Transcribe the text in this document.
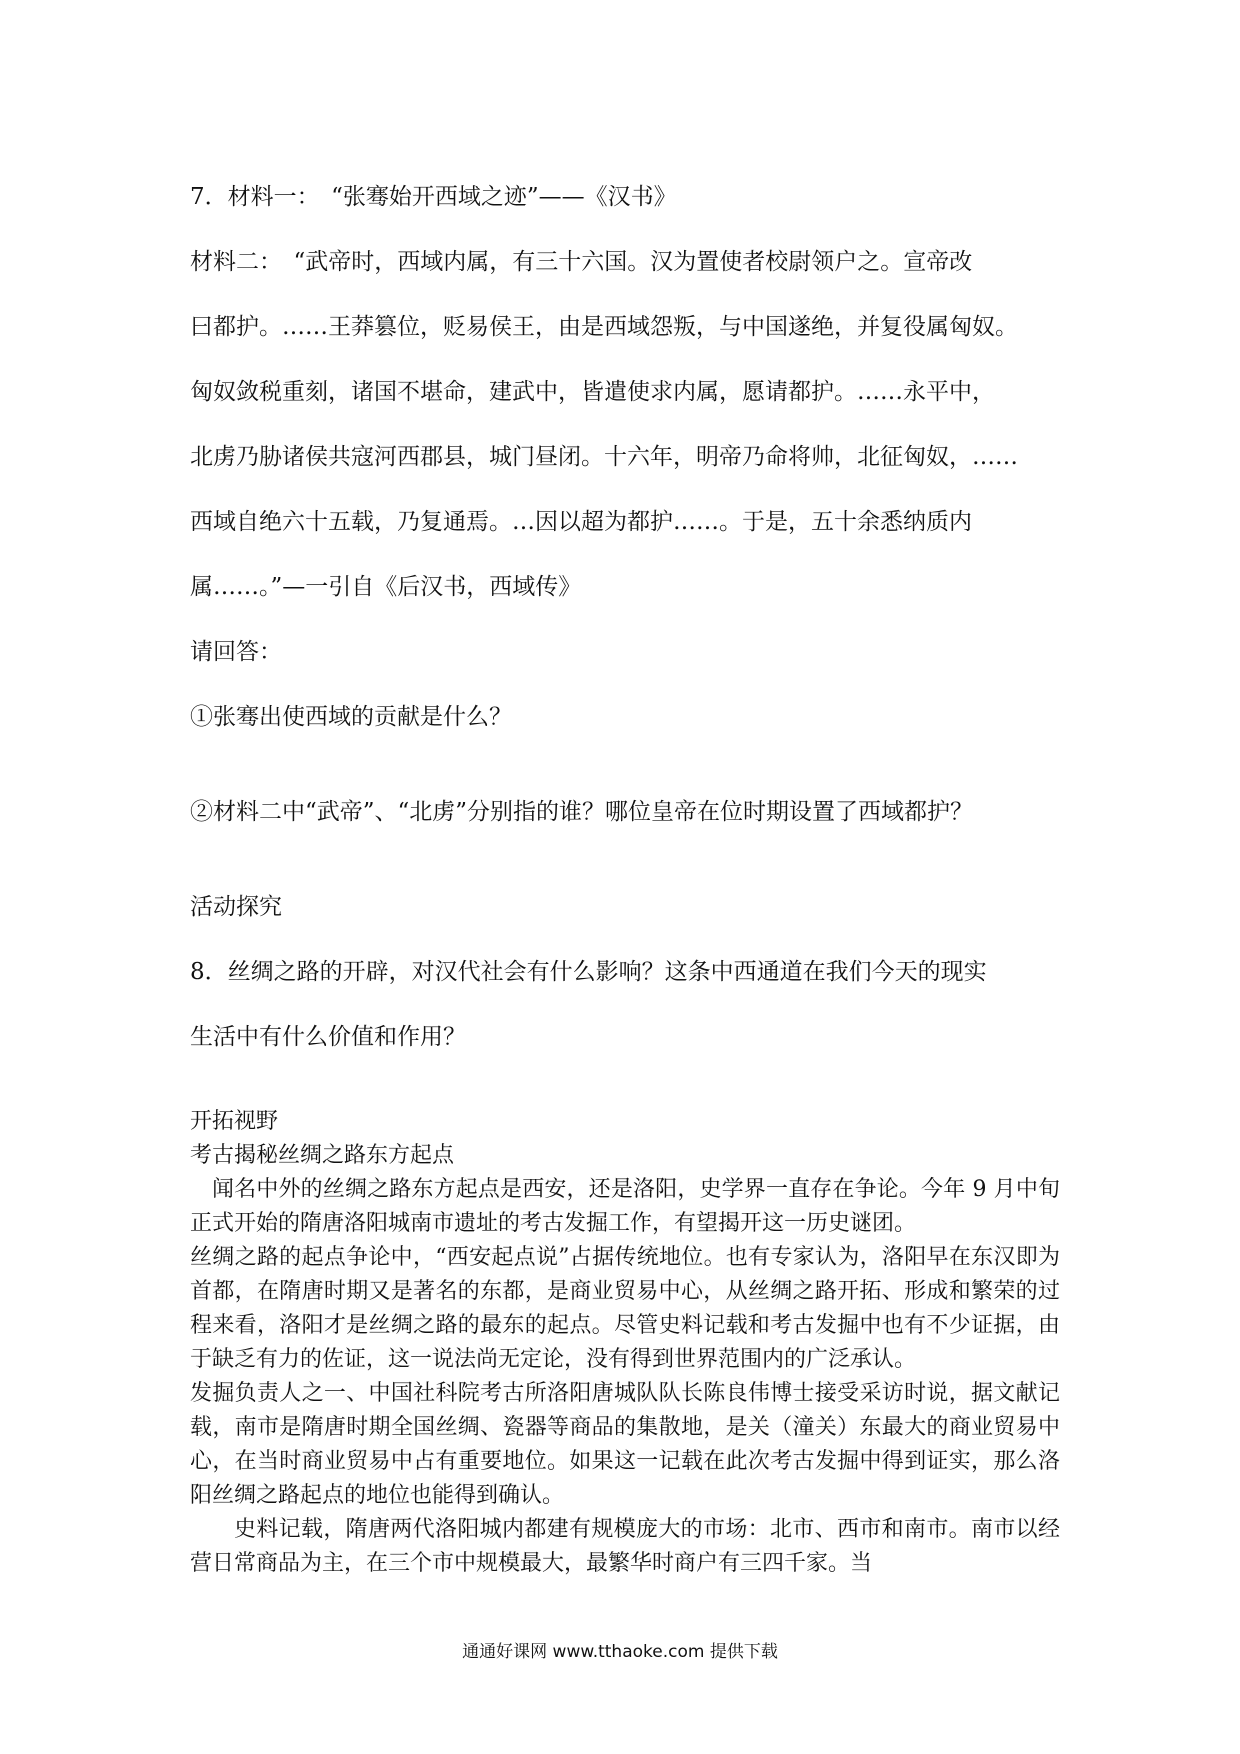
7．材料一：　“张骞始开西域之迹”——《汉书》

材料二：　“武帝时，西域内属，有三十六国。汉为置使者校尉领户之。宣帝改

曰都护。……王莽篡位，贬易侯王，由是西域怨叛，与中国遂绝，并复役属匈奴。

匈奴敛税重刻，诸国不堪命，建武中，皆遣使求内属，愿请都护。……永平中，

北虏乃胁诸侯共寇河西郡县，城门昼闭。十六年，明帝乃命将帅，北征匈奴，……

西域自绝六十五载，乃复通焉。…因以超为都护……。于是，五十余悉纳质内

属……。”—一引自《后汉书，西域传》

请回答：

①张骞出使西域的贡献是什么？

②材料二中“武帝”、“北虏”分别指的谁？哪位皇帝在位时期设置了西域都护？

活动探究

8．丝绸之路的开辟，对汉代社会有什么影响？这条中西通道在我们今天的现实

生活中有什么价值和作用？

开拓视野

考古揭秘丝绸之路东方起点

闻名中外的丝绸之路东方起点是西安，还是洛阳，史学界一直存在争论。今年 9 月中旬正式开始的隋唐洛阳城南市遗址的考古发掘工作，有望揭开这一历史谜团。

丝绸之路的起点争论中，“西安起点说”占据传统地位。也有专家认为，洛阳早在东汉即为首都，在隋唐时期又是著名的东都，是商业贸易中心，从丝绸之路开拓、形成和繁荣的过程来看，洛阳才是丝绸之路的最东的起点。尽管史料记载和考古发掘中也有不少证据，由于缺乏有力的佐证，这一说法尚无定论，没有得到世界范围内的广泛承认。

发掘负责人之一、中国社科院考古所洛阳唐城队队长陈良伟博士接受采访时说，据文献记载，南市是隋唐时期全国丝绸、瓷器等商品的集散地，是关（潼关）东最大的商业贸易中心，在当时商业贸易中占有重要地位。如果这一记载在此次考古发掘中得到证实，那么洛阳丝绸之路起点的地位也能得到确认。

史料记载，隋唐两代洛阳城内都建有规模庞大的市场：北市、西市和南市。南市以经营日常商品为主，在三个市中规模最大，最繁华时商户有三四千家。当

通通好课网 www.tthaoke.com 提供下载
